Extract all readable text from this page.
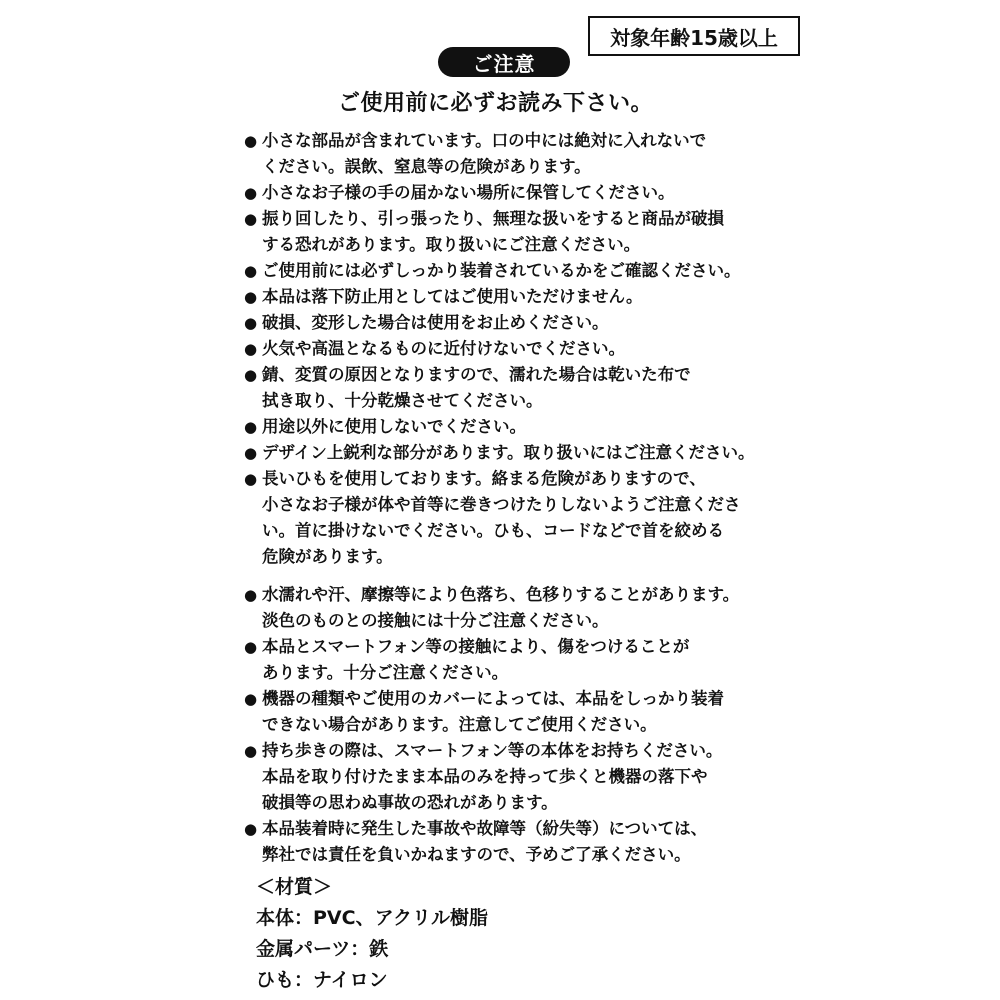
対象年齢15歳以上
ご注意
ご使用前に必ずお読み下さい。
● 小さな部品が含まれています。口の中には絶対に入れないで
ください。誤飲、窒息等の危険があります。
● 小さなお子様の手の届かない場所に保管してください。
● 振り回したり、引っ張ったり、無理な扱いをすると商品が破損
する恐れがあります。取り扱いにご注意ください。
● ご使用前には必ずしっかり装着されているかをご確認ください。
● 本品は落下防止用としてはご使用いただけません。
● 破損、変形した場合は使用をお止めください。
● 火気や高温となるものに近付けないでください。
● 錆、変質の原因となりますので、濡れた場合は乾いた布で
拭き取り、十分乾燥させてください。
● 用途以外に使用しないでください。
● デザイン上鋭利な部分があります。取り扱いにはご注意ください。
● 長いひもを使用しております。絡まる危険がありますので、
小さなお子様が体や首等に巻きつけたりしないようご注意くださ
い。首に掛けないでください。ひも、コードなどで首を絞める
危険があります。
● 水濡れや汗、摩擦等により色落ち、色移りすることがあります。
淡色のものとの接触には十分ご注意ください。
● 本品とスマートフォン等の接触により、傷をつけることが
あります。十分ご注意ください。
● 機器の種類やご使用のカバーによっては、本品をしっかり装着
できない場合があります。注意してご使用ください。
● 持ち歩きの際は、スマートフォン等の本体をお持ちください。
本品を取り付けたまま本品のみを持って歩くと機器の落下や
破損等の思わぬ事故の恐れがあります。
● 本品装着時に発生した事故や故障等（紛失等）については、
弊社では責任を負いかねますので、予めご了承ください。
＜材質＞
本体：PVC、アクリル樹脂
金属パーツ：鉄
ひも：ナイロン
